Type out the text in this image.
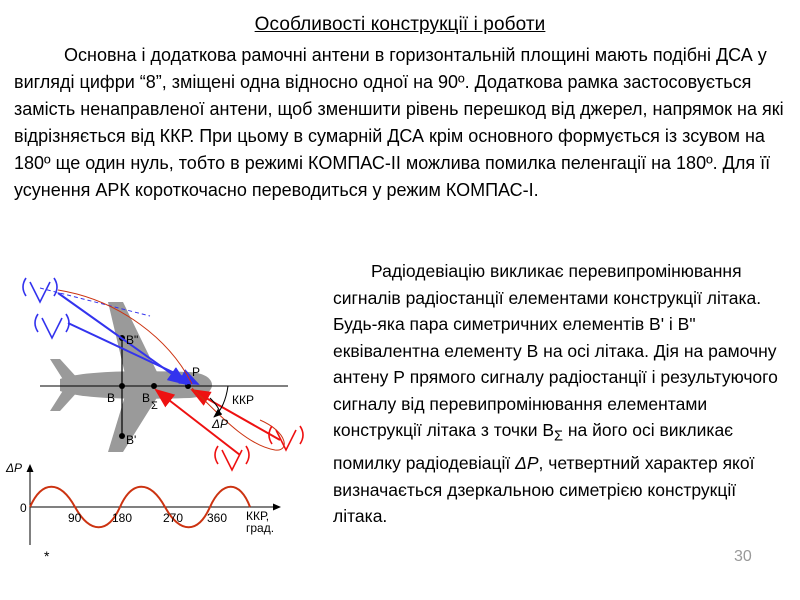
Особливості конструкції і роботи

Основна і додаткова рамочні антени в горизонтальній площині мають подібні ДСА у вигляді цифри “8”, зміщені одна відносно одної на 90º. Додаткова рамка застосовується замість ненаправленої антени, щоб зменшити рівень перешкод від джерел, напрямок на які відрізняється від ККР. При цьому в сумарній ДСА крім основного формується із зсувом на 180º ще один нуль, тобто в режимі КОМПАС-ІІ можлива помилка пеленгації на 180º. Для її усунення АРК короткочасно переводиться у режим КОМПАС-І.

Радіодевіацію викликає перевипромінювання сигналів радіостанції елементами конструкції літака. Будь-яка пара симетричних елементів В' і В" еквівалентна елементу В на осі літака. Дія на рамочну антену Р прямого сигналу радіостанції і результуючого сигналу від перевипромінювання елементами конструкції літака з точки $В_\Sigma$ на його осі викликає помилку радіодевіації ΔР, четвертний характер якої визначається дзеркальною симетрією конструкції літака.

В"
В
В'
В
Σ
Р
ККР
ΔР
ΔР
0
90	180	270 360 ККР,
град.
*	30
